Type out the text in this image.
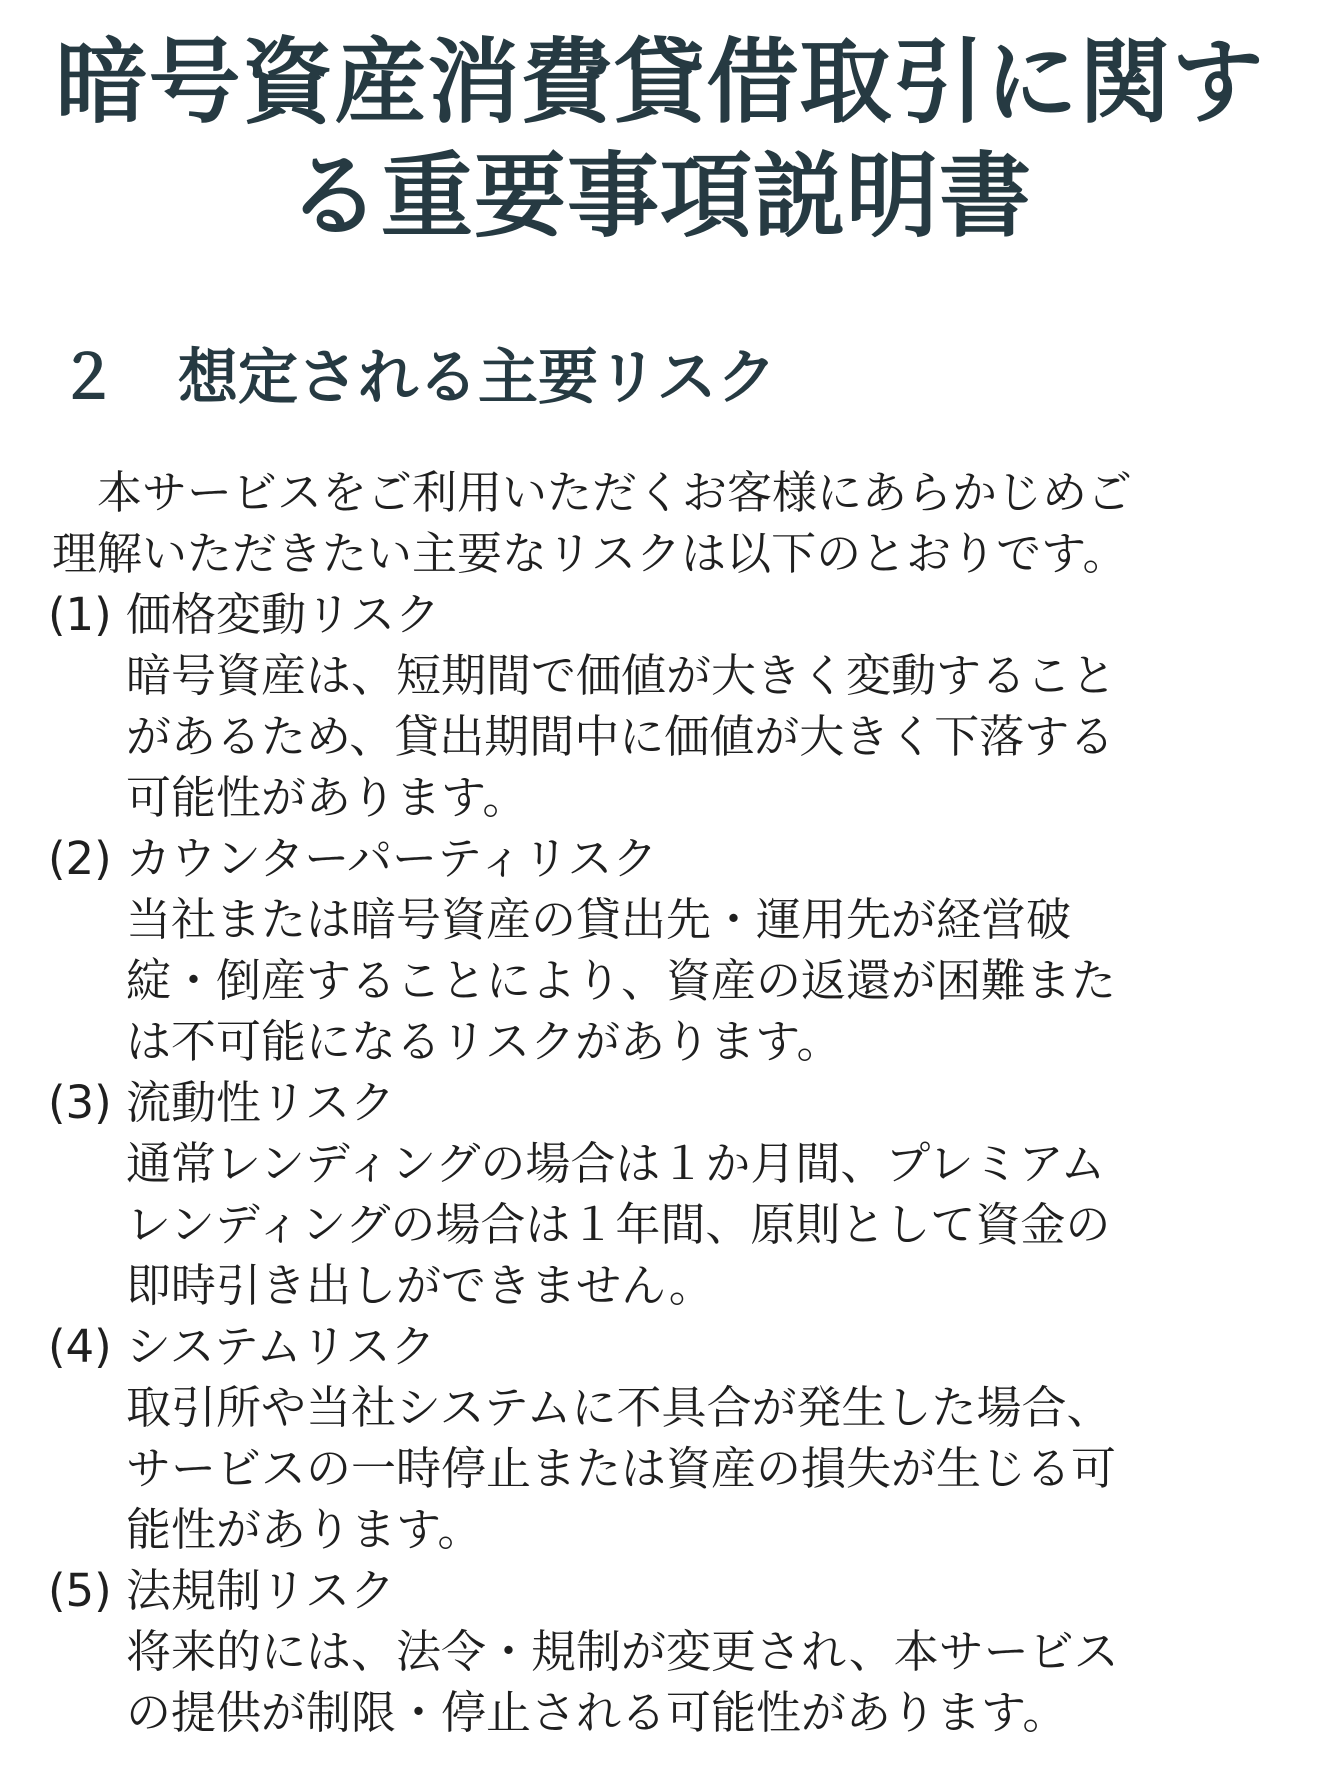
暗号資産消費貸借取引に関す
る重要事項説明書
２　想定される主要リスク

　本サービスをご利用いただくお客様にあらかじめご
理解いただきたい主要なリスクは以下のとおりです。

(1) 価格変動リスク
暗号資産は、短期間で価値が大きく変動すること
があるため、貸出期間中に価値が大きく下落する
可能性があります。
(2) カウンターパーティリスク
当社または暗号資産の貸出先・運用先が経営破
綻・倒産することにより、資産の返還が困難また
は不可能になるリスクがあります。
(3) 流動性リスク
通常レンディングの場合は１か月間、プレミアム
レンディングの場合は１年間、原則として資金の
即時引き出しができません。
(4) システムリスク
取引所や当社システムに不具合が発生した場合、
サービスの一時停止または資産の損失が生じる可
能性があります。
(5) 法規制リスク
将来的には、法令・規制が変更され、本サービス
の提供が制限・停止される可能性があります。
